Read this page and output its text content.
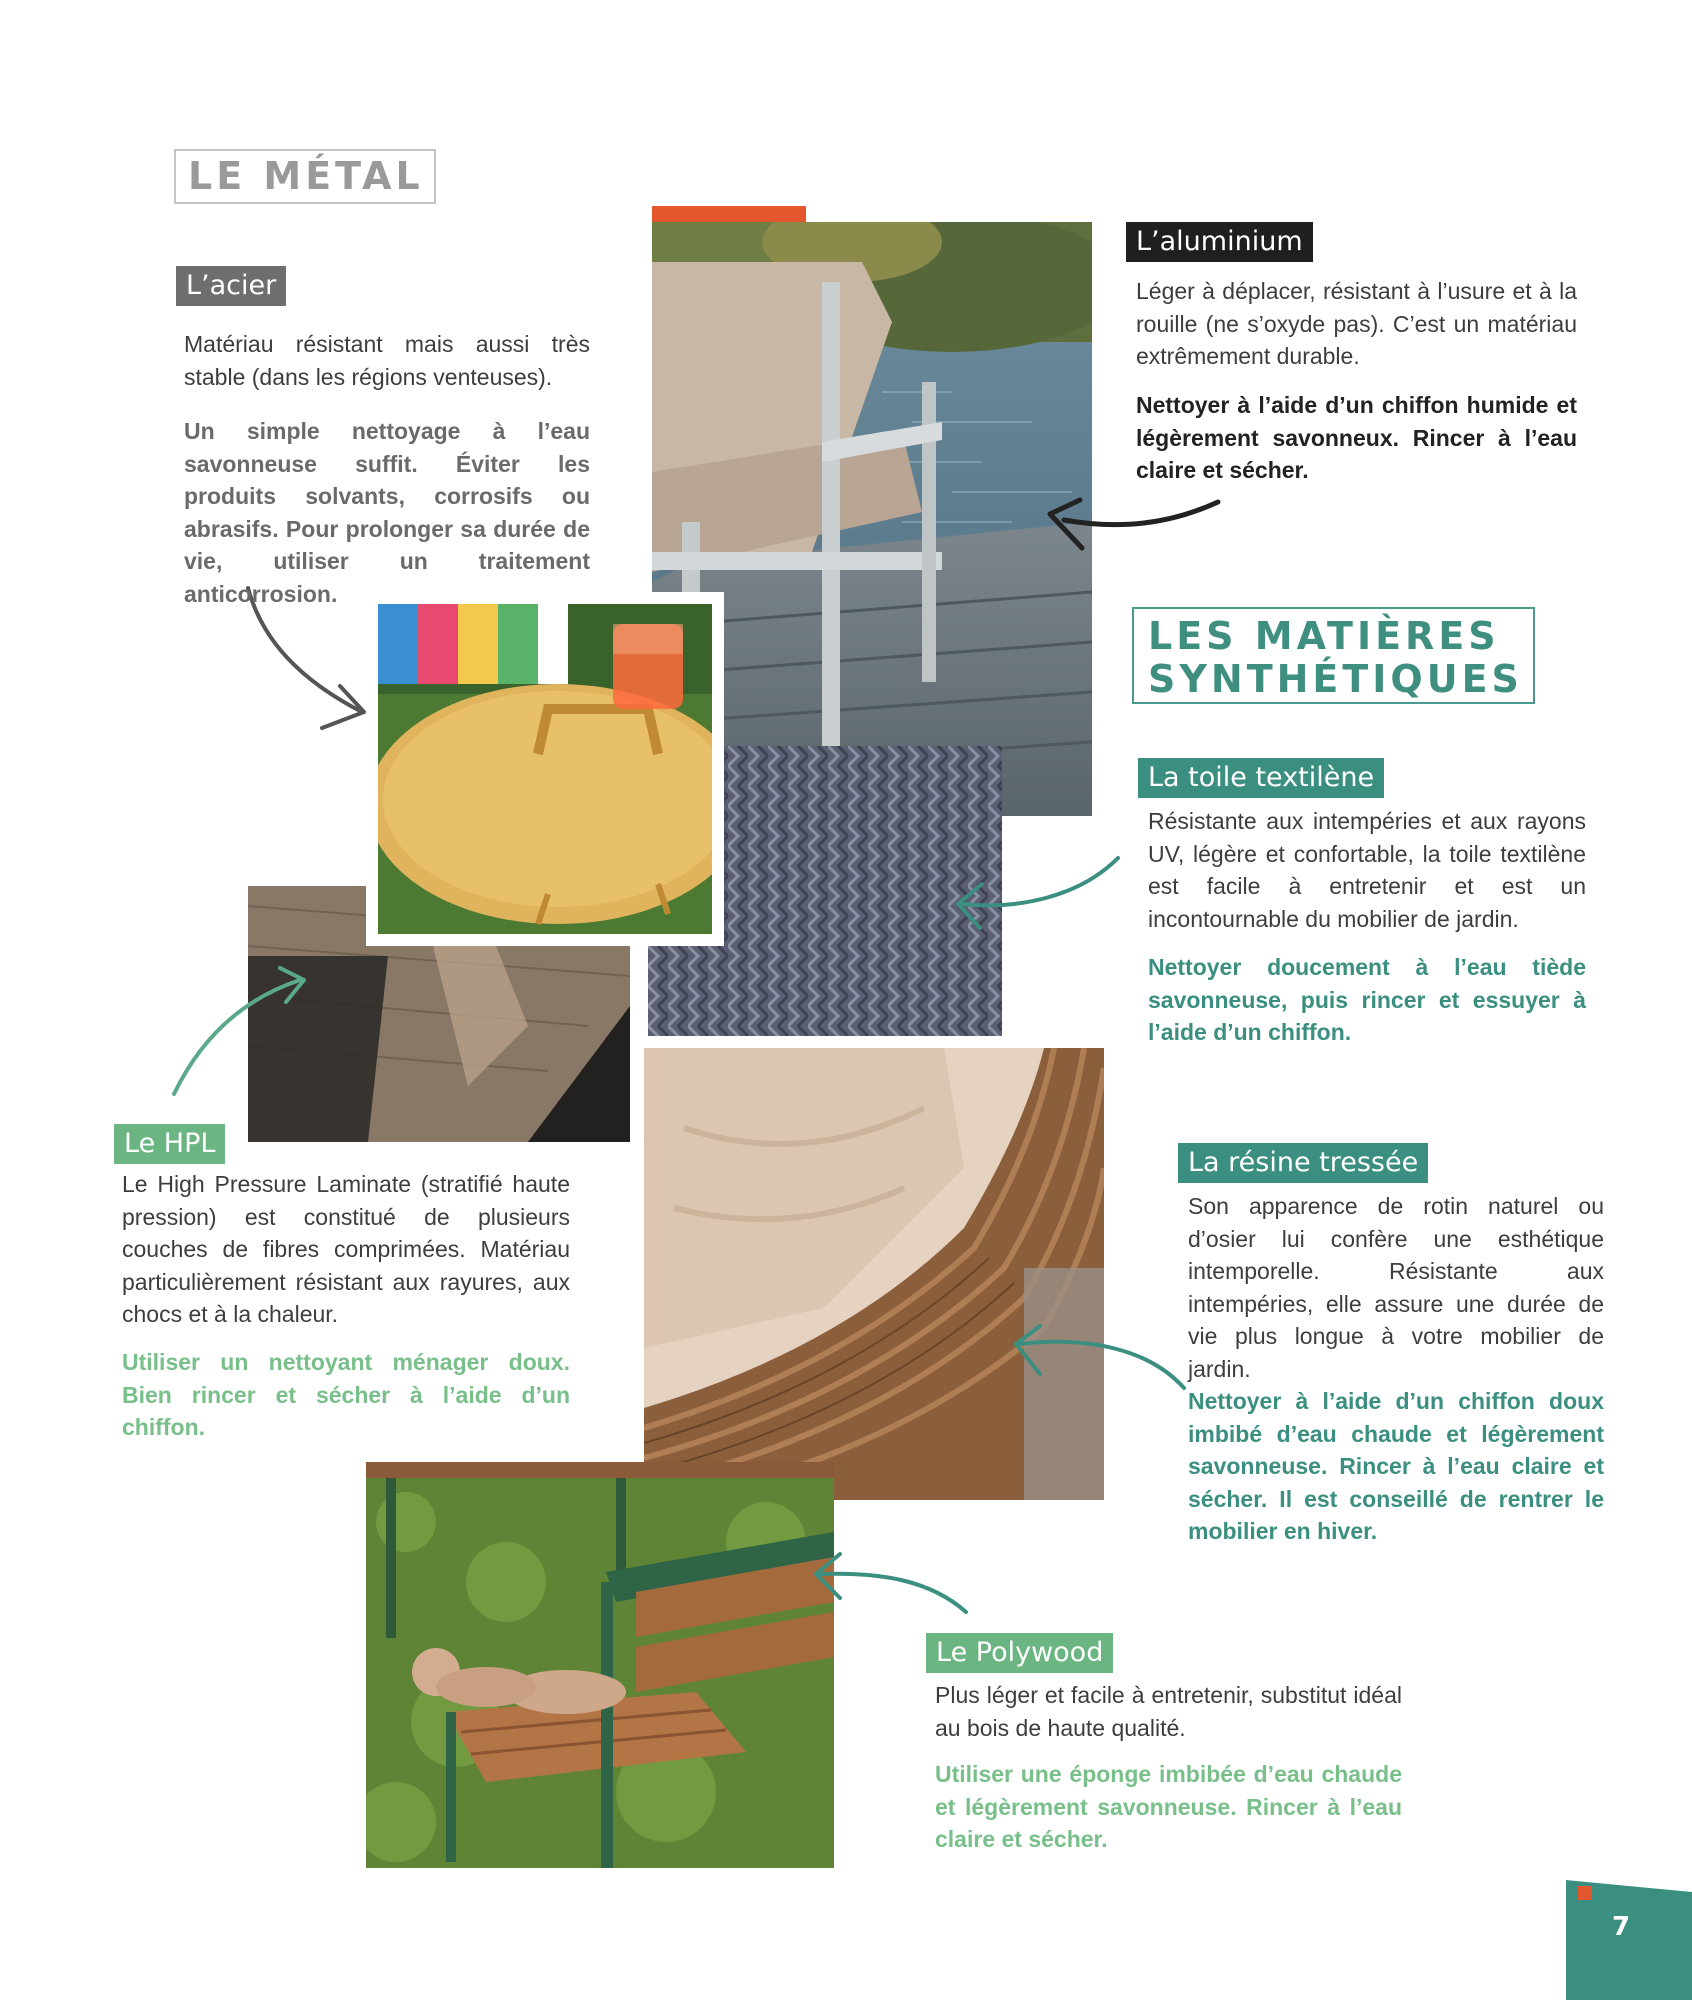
LE MÉTAL
L’acier

Matériau résistant mais aussi très stable (dans les régions venteuses).

Un simple nettoyage à l’eau savonneuse suffit. Éviter les produits solvants, corrosifs ou abrasifs. Pour prolonger sa durée de vie, utiliser un traitement anticorrosion.

L’aluminium

Léger à déplacer, résistant à l’usure et à la rouille (ne s’oxyde pas). C’est un matériau extrêmement durable.

Nettoyer à l’aide d’un chiffon humide et légèrement savonneux. Rincer à l’eau claire et sécher.

LES MATIÈRES
SYNTHÉTIQUES
La toile textilène

Résistante aux intempéries et aux rayons UV, légère et confortable, la toile textilène est facile à entretenir et est un incontournable du mobilier de jardin.

Nettoyer doucement à l’eau tiède savonneuse, puis rincer et essuyer à l’aide d’un chiffon.

La résine tressée

Son apparence de rotin naturel ou d’osier lui confère une esthétique intemporelle. Résistante aux intempéries, elle assure une durée de vie plus longue à votre mobilier de jardin.

Nettoyer à l’aide d’un chiffon doux imbibé d’eau chaude et légèrement savonneuse. Rincer à l’eau claire et sécher. Il est conseillé de rentrer le mobilier en hiver.

Le HPL

Le High Pressure Laminate (stratifié haute pression) est constitué de plusieurs couches de fibres comprimées. Matériau particulièrement résistant aux rayures, aux chocs et à la chaleur.

Utiliser un nettoyant ménager doux. Bien rincer et sécher à l’aide d’un chiffon.

Le Polywood

Plus léger et facile à entretenir, substitut idéal au bois de haute qualité.

Utiliser une éponge imbibée d’eau chaude et légèrement savonneuse. Rincer à l’eau claire et sécher.

7
